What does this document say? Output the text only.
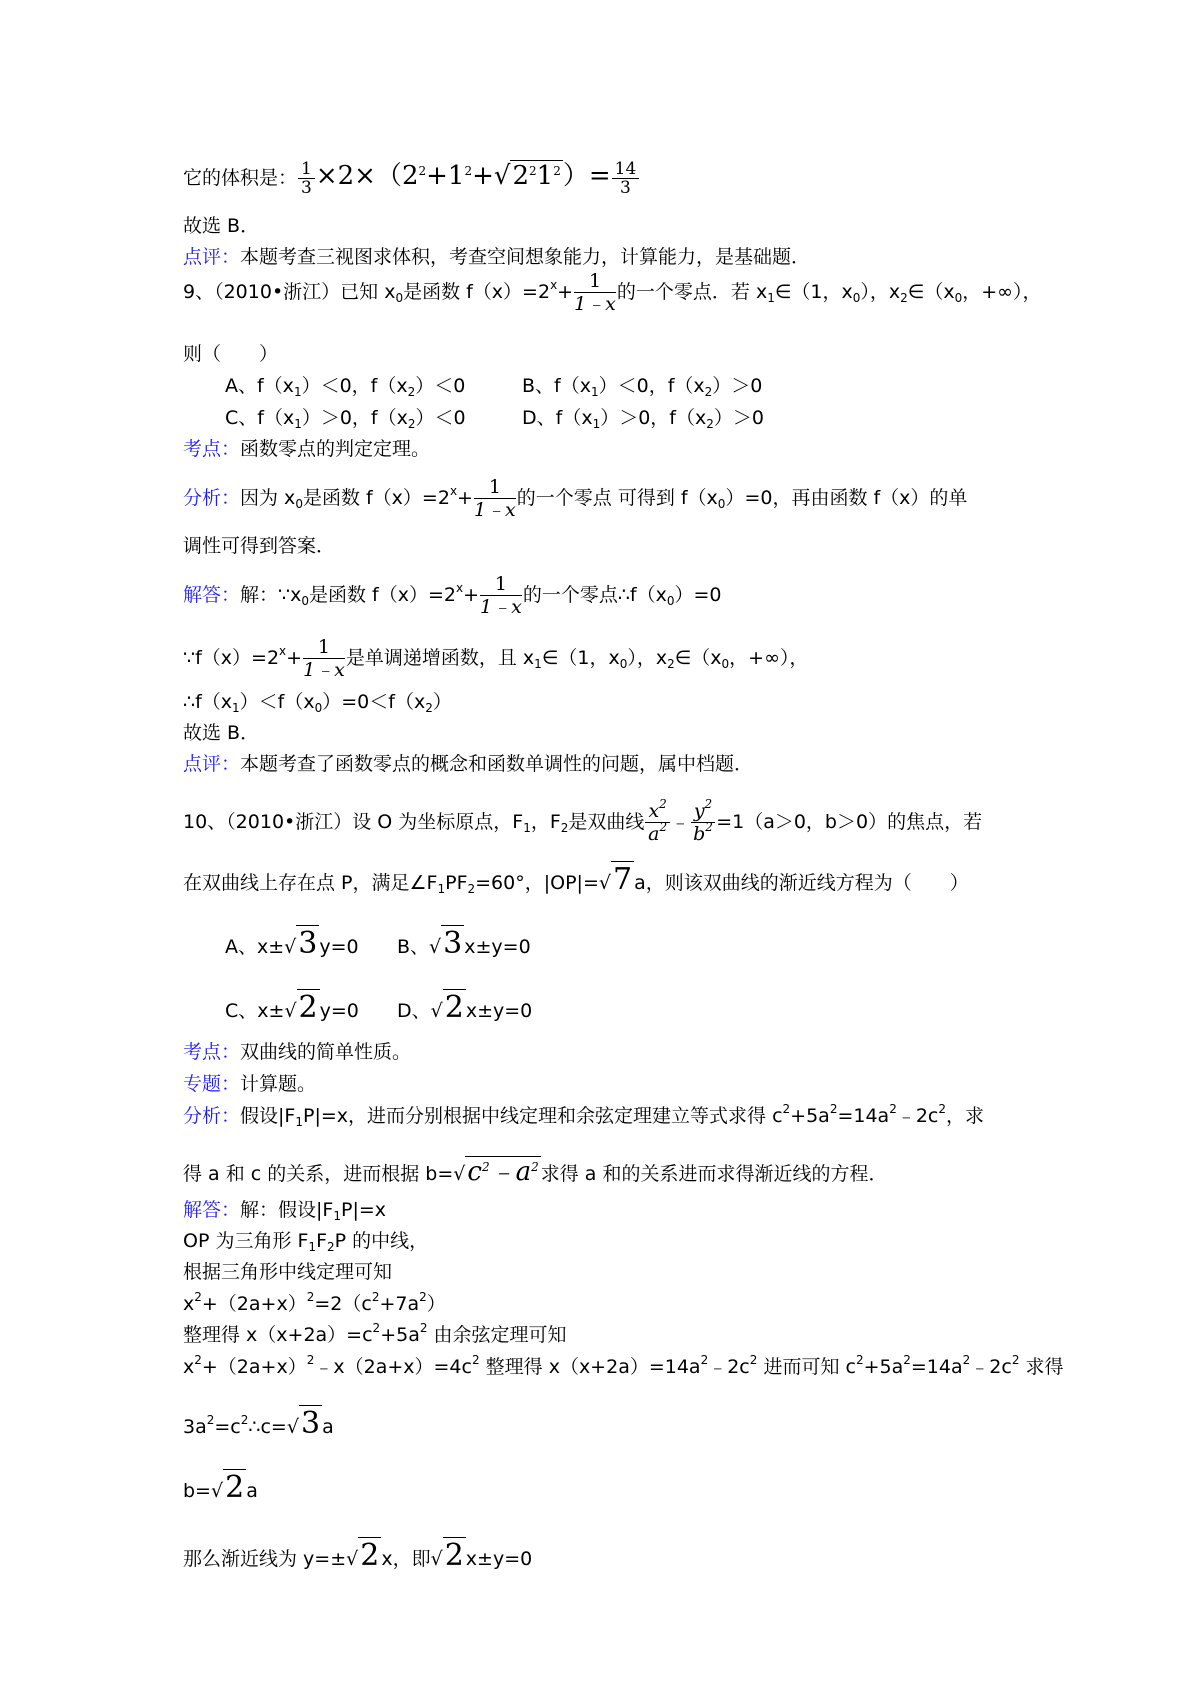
它的体积是： $\frac{1}{3} \times 2\times(2^2+1^2+√2^21^2)= \frac{14}{3}$
故选 B．
点评：本题考查三视图求体积，考查空间想象能力，计算能力，是基础题．
9、（2010•浙江）已知 $x_0$是函数 $f(x)=2^x+ \frac{1}{1﹣x}$ 的一个零点．若 $x_1\in(1$，$x_0$），$x_2\in(x_0$，+∞），
则（　　）
A、$f(x_1)<0$，$f(x_2)<0$	B、$f(x_1)<0$，$f(x_2)>0$
C、$f(x_1)>0$，$f(x_2)<0$	D、$f(x_1)>0$，$f(x_2)>0$
考点：函数零点的判定定理。
分析：因为 $x_0$是函数 $f(x)=2^x+ \frac{1}{1﹣x}$ 的一个零点 可得到 $f(x_0)=0$，再由函数 f（x）的单
调性可得到答案．
解答：解：$\because x_0$是函数 $f(x)=2^x+ \frac{1}{1﹣x}$ 的一个零点$\therefore f(x_0)=0$
$\because f(x)=2^x+ \frac{1}{1﹣x}$ 是单调递增函数，且 $x_1\in(1$，$x_0$），$x_2\in(x_0$，+∞），
$\therefore f(x_1)<f(x_0)=0<f(x_2)$
故选 B．
点评：本题考查了函数零点的概念和函数单调性的问题，属中档题．
10、（2010•浙江）设 O 为坐标原点，$F_1$，$F_2$是双曲线 $\frac{x^2}{a^2}$ ﹣ $\frac{y^2}{b^2} =1(a>0$，b＞0）的焦点，若
在双曲线上存在点 P，满足$\angle F_1PF_2=60^\circ$，|OP|=√7 a，则该双曲线的渐近线方程为（　　）
A、x±√3 y=0 B、√3 x±y=0
C、x±√2 y=0 D、√2 x±y=0
考点：双曲线的简单性质。
专题：计算题。
分析：假设$|F_1P|=x$，进而分别根据中线定理和余弦定理建立等式求得 $c^2+5a^2=14a^2﹣2c^2$，求
得 a 和 c 的关系，进而根据 $b=√c^2﹣a^2$ 求得 a 和的关系进而求得渐近线的方程．
解答：解：假设$|F_1P|=x$
OP 为三角形 $F_1F_2P$ 的中线，
根据三角形中线定理可知
$x^2+(2a+x)^2=2(c^2+7a^2)$
整理得 $x(x+2a)=c^2+5a^2$ 由余弦定理可知
$x^2+(2a+x)^2﹣x(2a+x)=4c^2$ 整理得 $x(x+2a)=14a^2﹣2c^2$ 进而可知 $c^2+5a^2=14a^2﹣2c^2$ 求得
$3a^2=c^2\therefore c=√3$ a
b=√2 a
那么渐近线为 y=±√2 x，即√2 x±y=0
